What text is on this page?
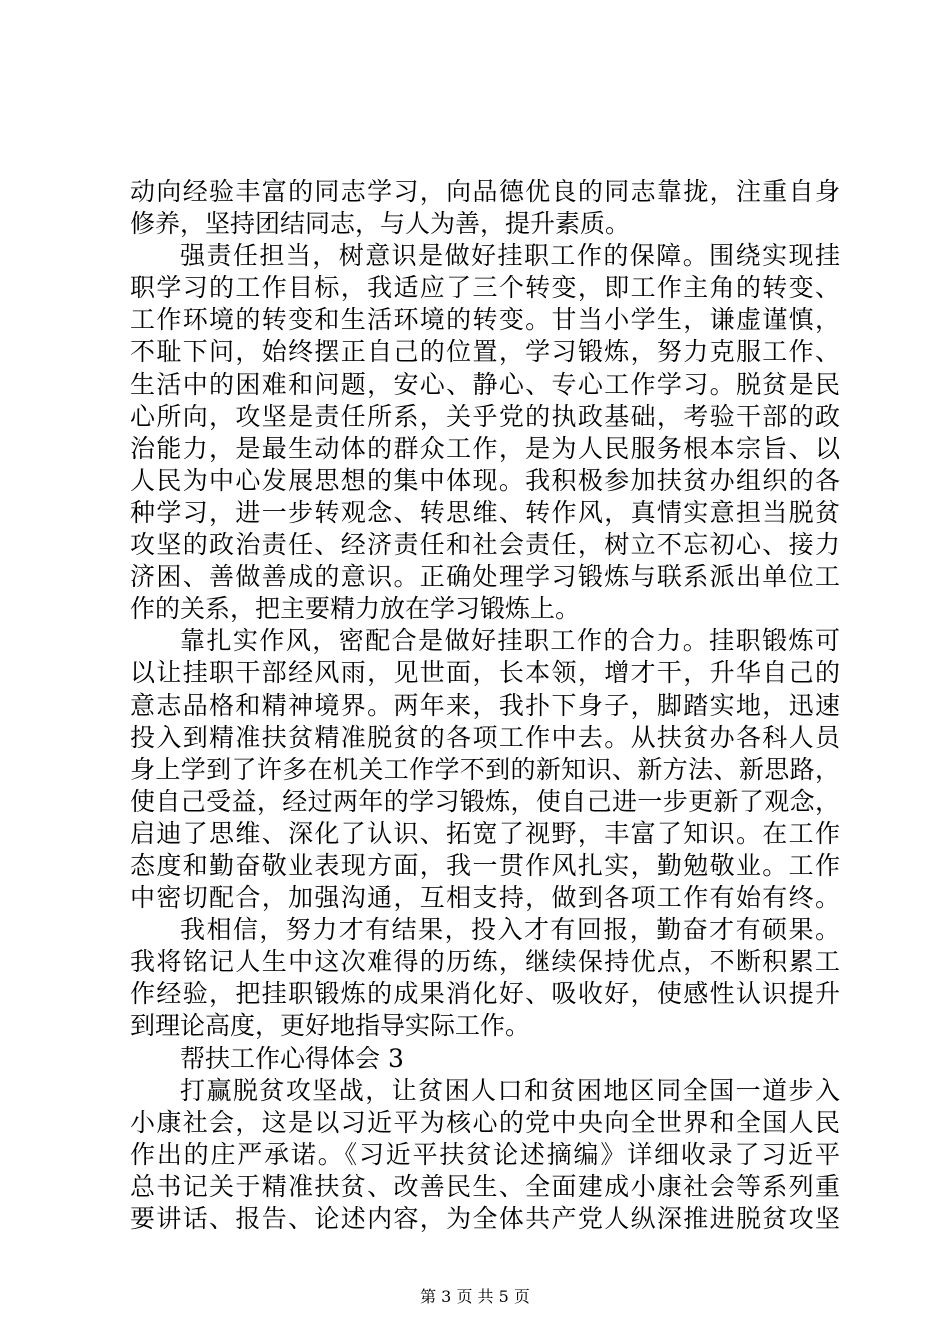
动向经验丰富的同志学习，向品德优良的同志靠拢，注重自身
修养，坚持团结同志，与人为善，提升素质。
强责任担当，树意识是做好挂职工作的保障。围绕实现挂
职学习的工作目标，我适应了三个转变，即工作主角的转变、
工作环境的转变和生活环境的转变。甘当小学生，谦虚谨慎，
不耻下问，始终摆正自己的位置，学习锻炼，努力克服工作、
生活中的困难和问题，安心、静心、专心工作学习。脱贫是民
心所向，攻坚是责任所系，关乎党的执政基础，考验干部的政
治能力，是最生动体的群众工作，是为人民服务根本宗旨、以
人民为中心发展思想的集中体现。我积极参加扶贫办组织的各
种学习，进一步转观念、转思维、转作风，真情实意担当脱贫
攻坚的政治责任、经济责任和社会责任，树立不忘初心、接力
济困、善做善成的意识。正确处理学习锻炼与联系派出单位工
作的关系，把主要精力放在学习锻炼上。
靠扎实作风，密配合是做好挂职工作的合力。挂职锻炼可
以让挂职干部经风雨，见世面，长本领，增才干，升华自己的
意志品格和精神境界。两年来，我扑下身子，脚踏实地，迅速
投入到精准扶贫精准脱贫的各项工作中去。从扶贫办各科人员
身上学到了许多在机关工作学不到的新知识、新方法、新思路，
使自己受益，经过两年的学习锻炼，使自己进一步更新了观念，
启迪了思维、深化了认识、拓宽了视野，丰富了知识。在工作
态度和勤奋敬业表现方面，我一贯作风扎实，勤勉敬业。工作
中密切配合，加强沟通，互相支持，做到各项工作有始有终。
我相信，努力才有结果，投入才有回报，勤奋才有硕果。
我将铭记人生中这次难得的历练，继续保持优点，不断积累工
作经验，把挂职锻炼的成果消化好、吸收好，使感性认识提升
到理论高度，更好地指导实际工作。
帮扶工作心得体会 3
打赢脱贫攻坚战，让贫困人口和贫困地区同全国一道步入
小康社会，这是以习近平为核心的党中央向全世界和全国人民
作出的庄严承诺。《习近平扶贫论述摘编》详细收录了习近平
总书记关于精准扶贫、改善民生、全面建成小康社会等系列重
要讲话、报告、论述内容，为全体共产党人纵深推进脱贫攻坚
第 3 页 共 5 页
